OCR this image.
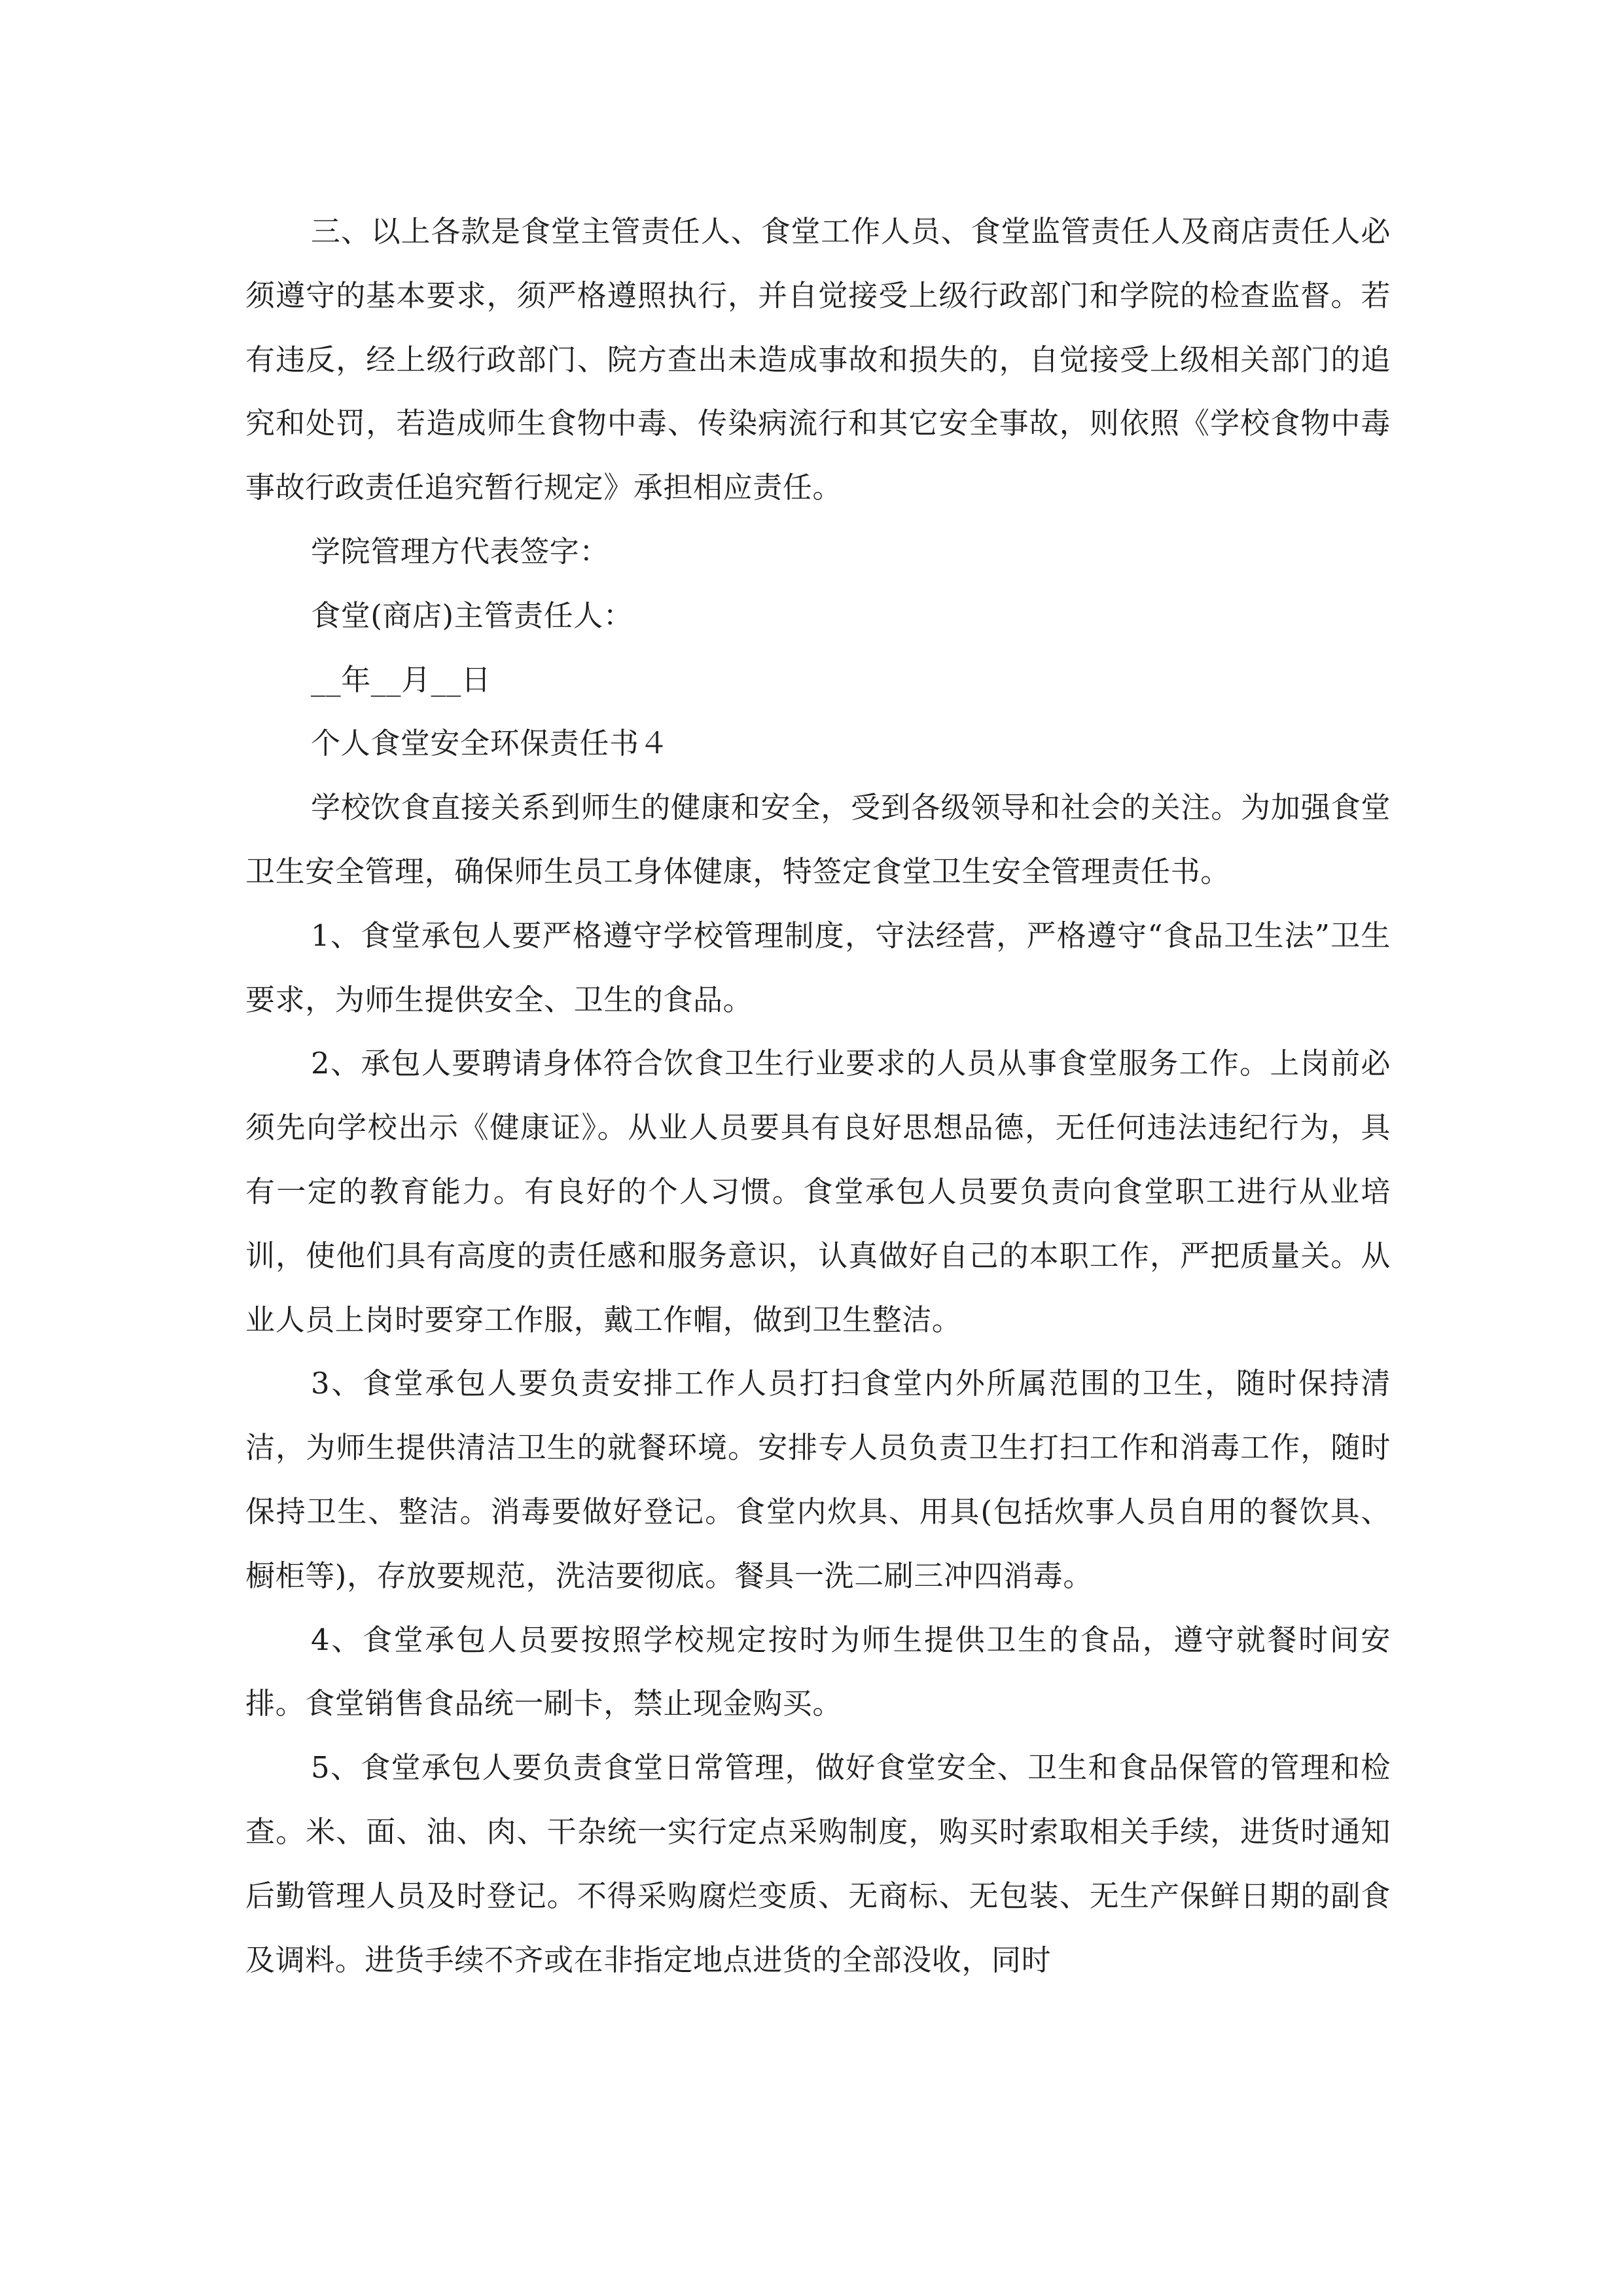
三、以上各款是食堂主管责任人、食堂工作人员、食堂监管责任人及商店责任人必须遵守的基本要求，须严格遵照执行，并自觉接受上级行政部门和学院的检查监督。若有违反，经上级行政部门、院方查出未造成事故和损失的，自觉接受上级相关部门的追究和处罚，若造成师生食物中毒、传染病流行和其它安全事故，则依照《学校食物中毒事故行政责任追究暂行规定》承担相应责任。

学院管理方代表签字：

食堂(商店)主管责任人：

__年__月__日

个人食堂安全环保责任书４

学校饮食直接关系到师生的健康和安全，受到各级领导和社会的关注。为加强食堂卫生安全管理，确保师生员工身体健康，特签定食堂卫生安全管理责任书。

1、食堂承包人要严格遵守学校管理制度，守法经营，严格遵守“食品卫生法”卫生要求，为师生提供安全、卫生的食品。

2、承包人要聘请身体符合饮食卫生行业要求的人员从事食堂服务工作。上岗前必须先向学校出示《健康证》。从业人员要具有良好思想品德，无任何违法违纪行为，具有一定的教育能力。有良好的个人习惯。食堂承包人员要负责向食堂职工进行从业培训，使他们具有高度的责任感和服务意识，认真做好自己的本职工作，严把质量关。从业人员上岗时要穿工作服，戴工作帽，做到卫生整洁。

3、食堂承包人要负责安排工作人员打扫食堂内外所属范围的卫生，随时保持清洁，为师生提供清洁卫生的就餐环境。安排专人员负责卫生打扫工作和消毒工作，随时保持卫生、整洁。消毒要做好登记。食堂内炊具、用具(包括炊事人员自用的餐饮具、橱柜等)，存放要规范，洗洁要彻底。餐具一洗二刷三冲四消毒。

4、食堂承包人员要按照学校规定按时为师生提供卫生的食品，遵守就餐时间安排。食堂销售食品统一刷卡，禁止现金购买。

5、食堂承包人要负责食堂日常管理，做好食堂安全、卫生和食品保管的管理和检查。米、面、油、肉、干杂统一实行定点采购制度，购买时索取相关手续，进货时通知后勤管理人员及时登记。不得采购腐烂变质、无商标、无包装、无生产保鲜日期的副食及调料。进货手续不齐或在非指定地点进货的全部没收，同时
